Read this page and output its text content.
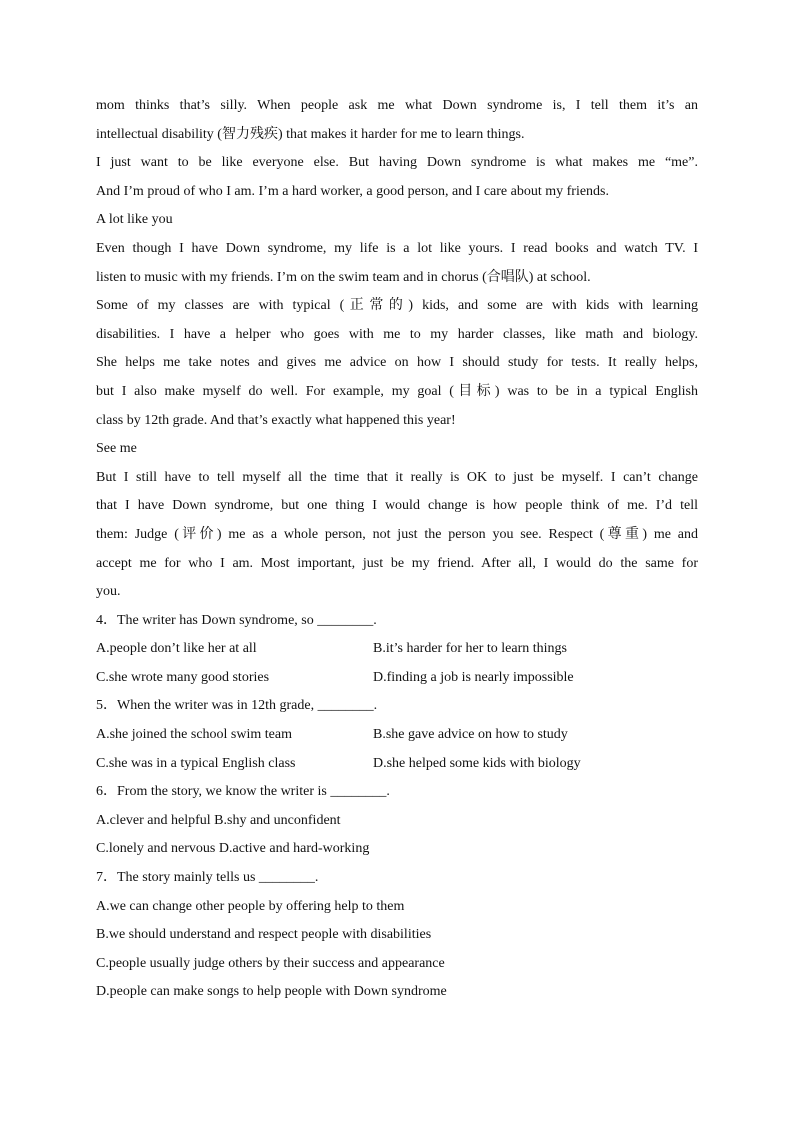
mom thinks that’s silly. When people ask me what Down syndrome is, I tell them it’s an

intellectual disability (智力残疾) that makes it harder for me to learn things.

I just want to be like everyone else. But having Down syndrome is what makes me “me”.

And I’m proud of who I am. I’m a hard worker, a good person, and I care about my friends.

A lot like you

Even though I have Down syndrome, my life is a lot like yours. I read books and watch TV. I

listen to music with my friends. I’m on the swim team and in chorus (合唱队) at school.

Some of my classes are with typical (正常的) kids, and some are with kids with learning

disabilities. I have a helper who goes with me to my harder classes, like math and biology.

She helps me take notes and gives me advice on how I should study for tests. It really helps,

but I also make myself do well. For example, my goal (目标) was to be in a typical English

class by 12th grade. And that’s exactly what happened this year!

See me

But I still have to tell myself all the time that it really is OK to just be myself. I can’t change

that I have Down syndrome, but one thing I would change is how people think of me. I’d tell

them: Judge (评价) me as a whole person, not just the person you see. Respect (尊重) me and

accept me for who I am. Most important, just be my friend. After all, I would do the same for

you.

4．The writer has Down syndrome, so ________.
A.people don’t like her at all	B.it’s harder for her to learn things
C.she wrote many good stories	D.finding a job is nearly impossible
5．When the writer was in 12th grade, ________.
A.she joined the school swim team	B.she gave advice on how to study
C.she was in a typical English class	D.she helped some kids with biology
6．From the story, we know the writer is ________.
A.clever and helpful B.shy and unconfident
C.lonely and nervous D.active and hard-working
7．The story mainly tells us ________.
A.we can change other people by offering help to them
B.we should understand and respect people with disabilities
C.people usually judge others by their success and appearance
D.people can make songs to help people with Down syndrome
